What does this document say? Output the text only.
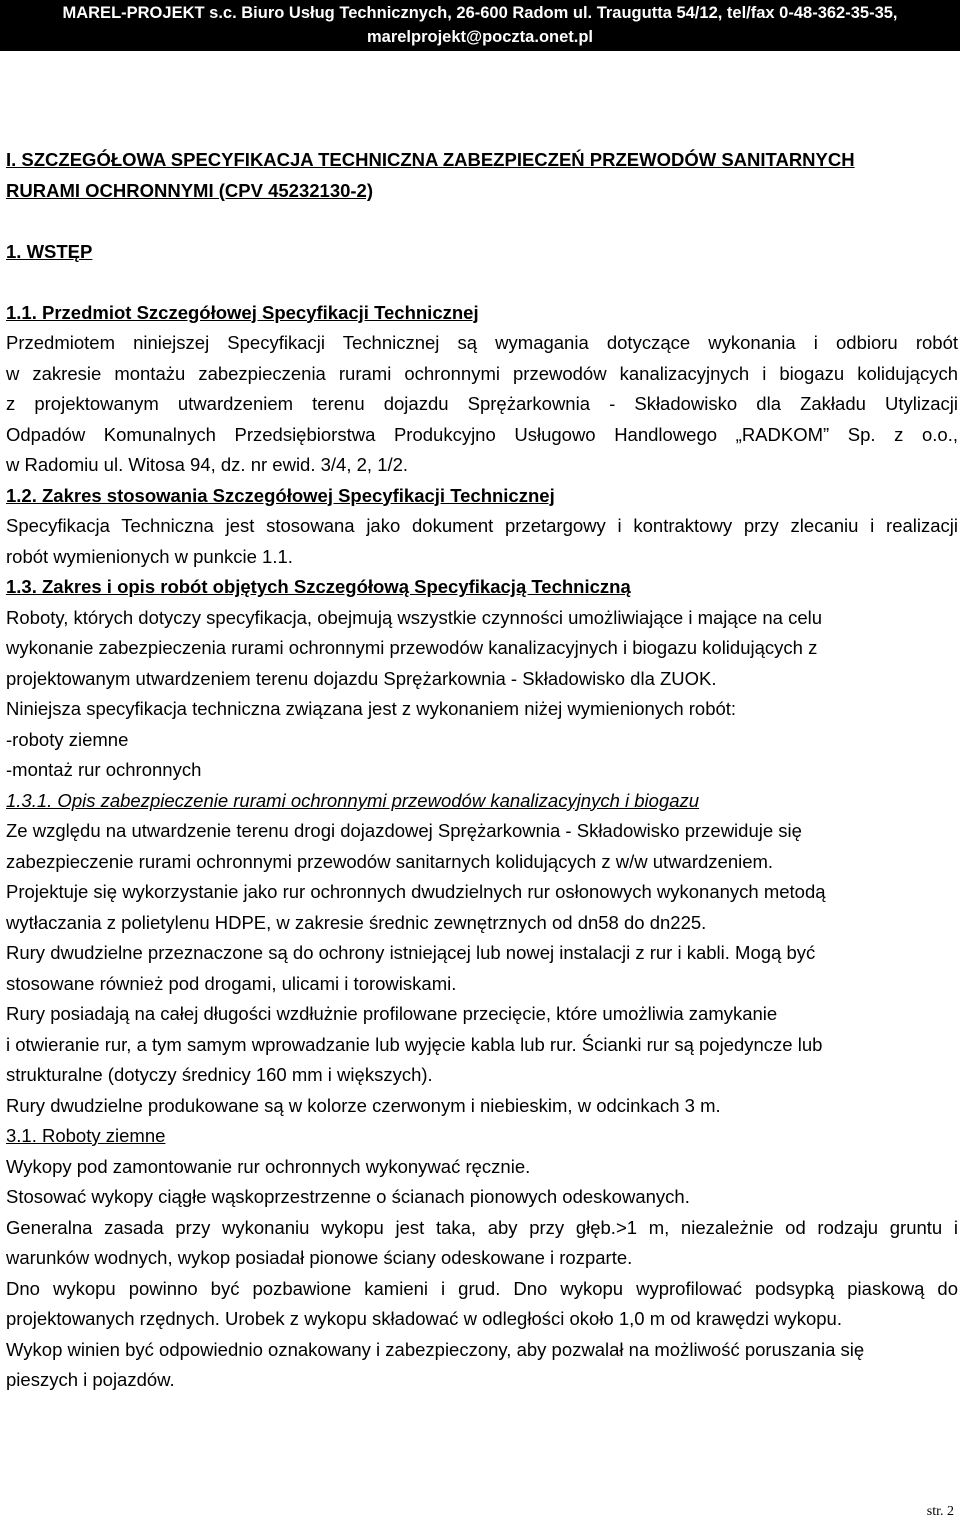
MAREL-PROJEKT s.c. Biuro Usług Technicznych, 26-600 Radom ul. Traugutta 54/12, tel/fax 0-48-362-35-35,
marelprojekt@poczta.onet.pl
I. SZCZEGÓŁOWA SPECYFIKACJA TECHNICZNA ZABEZPIECZEŃ PRZEWODÓW SANITARNYCH
RURAMI OCHRONNYMI (CPV 45232130-2)
1. WSTĘP
1.1. Przedmiot Szczegółowej Specyfikacji Technicznej
Przedmiotem niniejszej Specyfikacji Technicznej są wymagania dotyczące wykonania i odbioru robót
w zakresie montażu zabezpieczenia rurami ochronnymi przewodów kanalizacyjnych i biogazu kolidujących
z projektowanym utwardzeniem terenu dojazdu Sprężarkownia - Składowisko dla Zakładu Utylizacji
Odpadów Komunalnych Przedsiębiorstwa Produkcyjno Usługowo Handlowego „RADKOM” Sp. z o.o.,
w Radomiu ul. Witosa 94, dz. nr ewid. 3/4, 2, 1/2.
1.2. Zakres stosowania Szczegółowej Specyfikacji Technicznej
Specyfikacja Techniczna jest stosowana jako dokument przetargowy i kontraktowy przy zlecaniu i realizacji
robót wymienionych w punkcie 1.1.
1.3. Zakres i opis robót objętych Szczegółową Specyfikacją Techniczną
Roboty, których dotyczy specyfikacja, obejmują wszystkie czynności umożliwiające i mające na celu
wykonanie zabezpieczenia rurami ochronnymi przewodów kanalizacyjnych i biogazu kolidujących z
projektowanym utwardzeniem terenu dojazdu Sprężarkownia - Składowisko dla ZUOK.
Niniejsza specyfikacja techniczna związana jest z wykonaniem niżej wymienionych robót:
-roboty ziemne
-montaż rur ochronnych
1.3.1. Opis zabezpieczenie rurami ochronnymi przewodów kanalizacyjnych i biogazu
Ze względu na utwardzenie terenu drogi dojazdowej Sprężarkownia - Składowisko przewiduje się
zabezpieczenie rurami ochronnymi przewodów sanitarnych kolidujących z w/w utwardzeniem.
Projektuje się wykorzystanie jako rur ochronnych dwudzielnych rur osłonowych wykonanych metodą
wytłaczania z polietylenu HDPE, w zakresie średnic zewnętrznych od dn58 do dn225.
Rury dwudzielne przeznaczone są do ochrony istniejącej lub nowej instalacji z rur i kabli. Mogą być
stosowane również pod drogami, ulicami i torowiskami.
Rury posiadają na całej długości wzdłużnie profilowane przecięcie, które umożliwia zamykanie
i otwieranie rur, a tym samym wprowadzanie lub wyjęcie kabla lub rur. Ścianki rur są pojedyncze lub
strukturalne (dotyczy średnicy 160 mm i większych).
Rury dwudzielne produkowane są w kolorze czerwonym i niebieskim, w odcinkach 3 m.
3.1. Roboty ziemne
Wykopy pod zamontowanie rur ochronnych wykonywać ręcznie.
Stosować wykopy ciągłe wąskoprzestrzenne o ścianach pionowych odeskowanych.
Generalna zasada przy wykonaniu wykopu jest taka, aby przy głęb.>1 m, niezależnie od rodzaju gruntu i
warunków wodnych, wykop posiadał pionowe ściany odeskowane i rozparte.
Dno wykopu powinno być pozbawione kamieni i grud. Dno wykopu wyprofilować podsypką piaskową do
projektowanych rzędnych. Urobek z wykopu składować w odległości około 1,0 m od krawędzi wykopu.
Wykop winien być odpowiednio oznakowany i zabezpieczony, aby pozwalał na możliwość poruszania się
pieszych i pojazdów.
str. 2
